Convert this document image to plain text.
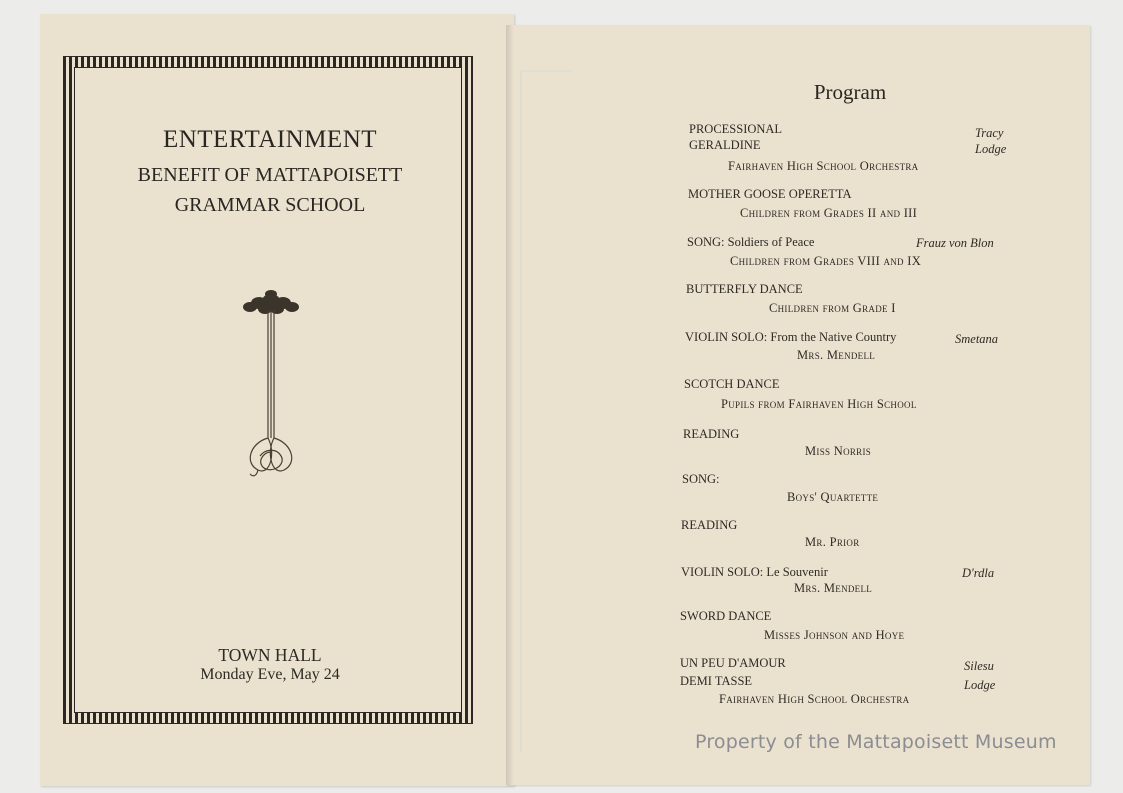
ENTERTAINMENT
BENEFIT OF MATTAPOISETT
GRAMMAR SCHOOL
TOWN HALL
Monday Eve, May 24
Program
PROCESSIONAL	Tracy
GERALDINE	Lodge
Fairhaven High School Orchestra
MOTHER GOOSE OPERETTA
Children from Grades II and III
SONG: Soldiers of Peace	Frauz von Blon
Children from Grades VIII and IX
BUTTERFLY DANCE
Children from Grade I
VIOLIN SOLO: From the Native Country	Smetana
Mrs. Mendell
SCOTCH DANCE
Pupils from Fairhaven High School
READING
Miss Norris
SONG:
Boys' Quartette
READING
Mr. Prior
VIOLIN SOLO: Le Souvenir	D'rdla
Mrs. Mendell
SWORD DANCE
Misses Johnson and Hoye
UN PEU D'AMOUR	Silesu
DEMI TASSE	Lodge
Fairhaven High School Orchestra
Property of the Mattapoisett Museum
